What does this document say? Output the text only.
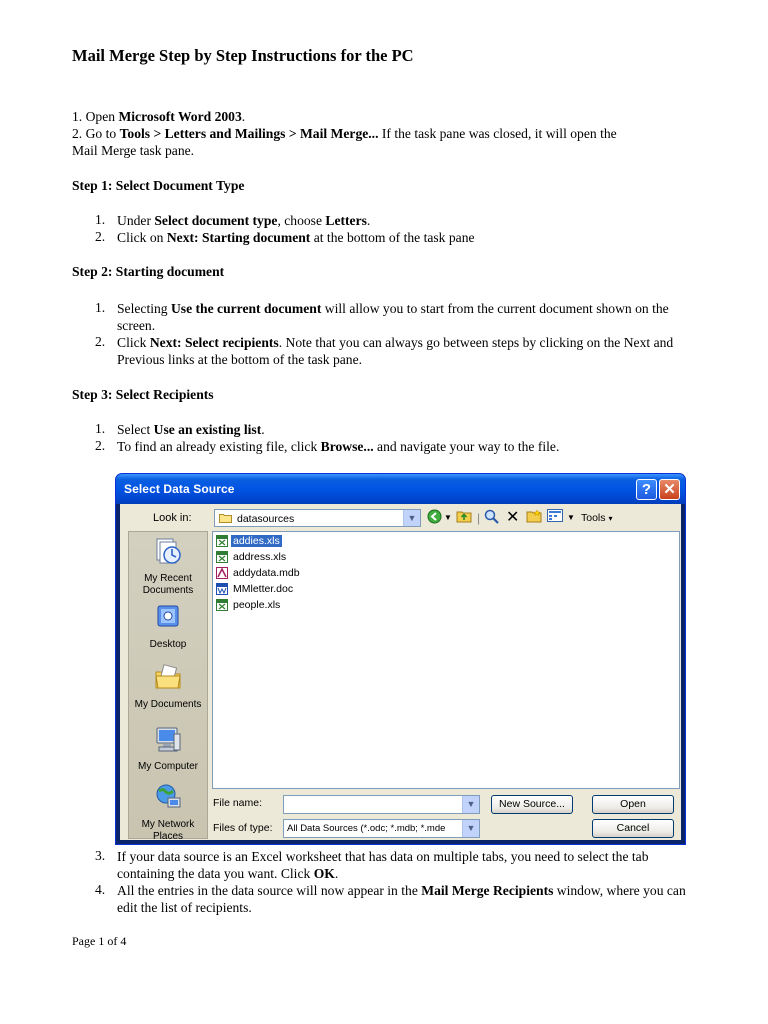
Mail Merge Step by Step Instructions for the PC
1. Open Microsoft Word 2003.
2. Go to Tools > Letters and Mailings > Mail Merge... If the task pane was closed, it will open the
Mail Merge task pane.
Step 1: Select Document Type
1. Under Select document type, choose Letters.
2. Click on Next: Starting document at the bottom of the task pane
Step 2: Starting document
1. Selecting Use the current document will allow you to start from the current document shown on the screen.
2. Click Next: Select recipients. Note that you can always go between steps by clicking on the Next and Previous links at the bottom of the task pane.
Step 3: Select Recipients
1. Select Use an existing list.
2. To find an already existing file, click Browse... and navigate your way to the file.
Select Data Source	? ✕
Look in:	datasources	▼	▼ | ✕	▼ Tools ▾
My Recent Documents
Desktop
My Documents
My Computer
My Network Places
addies.xls
address.xls
addydata.mdb
MMletter.doc
people.xls
File name:	▼
Files of type: All Data Sources (*.odc; *.mdb; *.mde	▼
New Source...	Open
Cancel
3. If your data source is an Excel worksheet that has data on multiple tabs, you need to select the tab containing the data you want. Click OK.
4. All the entries in the data source will now appear in the Mail Merge Recipients window, where you can edit the list of recipients.
Page 1 of 4
